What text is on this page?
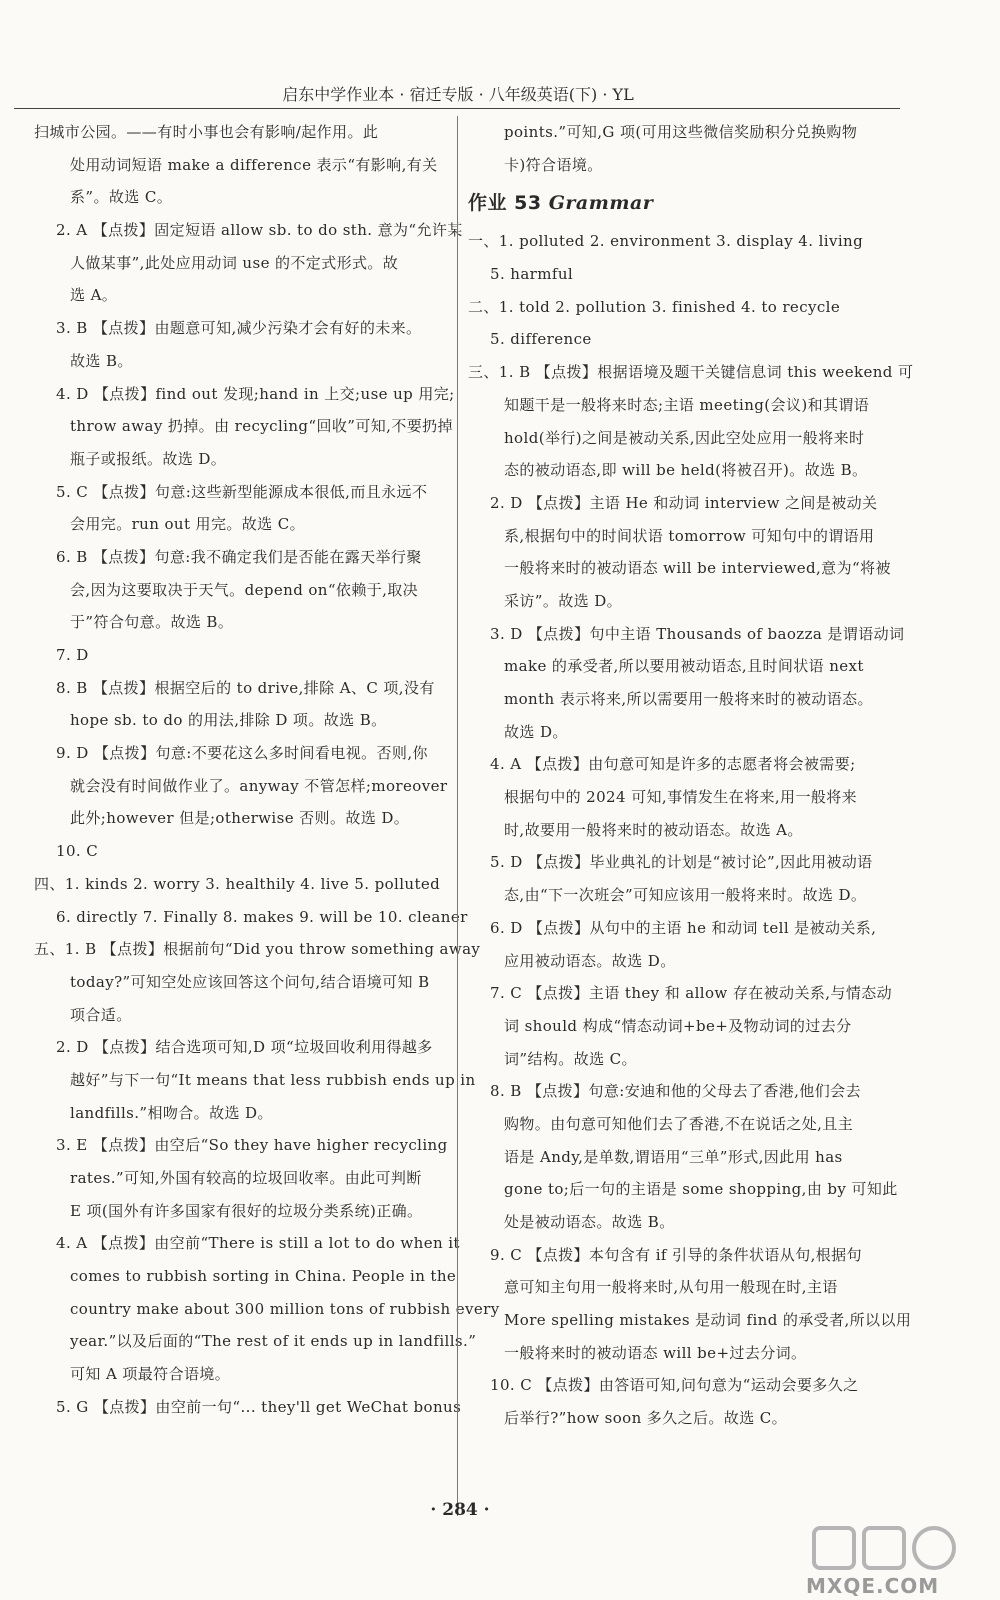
启东中学作业本 · 宿迁专版 · 八年级英语(下) · YL
扫城市公园。——有时小事也会有影响/起作用。此
处用动词短语 make a difference 表示“有影响,有关
系”。故选 C。
2. A 【点拨】固定短语 allow sb. to do sth. 意为“允许某
人做某事”,此处应用动词 use 的不定式形式。故
选 A。
3. B 【点拨】由题意可知,减少污染才会有好的未来。
故选 B。
4. D 【点拨】find out 发现;hand in 上交;use up 用完;
throw away 扔掉。由 recycling“回收”可知,不要扔掉
瓶子或报纸。故选 D。
5. C 【点拨】句意:这些新型能源成本很低,而且永远不
会用完。run out 用完。故选 C。
6. B 【点拨】句意:我不确定我们是否能在露天举行聚
会,因为这要取决于天气。depend on“依赖于,取决
于”符合句意。故选 B。
7. D
8. B 【点拨】根据空后的 to drive,排除 A、C 项,没有
hope sb. to do 的用法,排除 D 项。故选 B。
9. D 【点拨】句意:不要花这么多时间看电视。否则,你
就会没有时间做作业了。anyway 不管怎样;moreover
此外;however 但是;otherwise 否则。故选 D。
10. C
四、1. kinds 2. worry 3. healthily 4. live 5. polluted
6. directly 7. Finally 8. makes 9. will be 10. cleaner
五、1. B 【点拨】根据前句“Did you throw something away
today?”可知空处应该回答这个问句,结合语境可知 B
项合适。
2. D 【点拨】结合选项可知,D 项“垃圾回收利用得越多
越好”与下一句“It means that less rubbish ends up in
landfills.”相吻合。故选 D。
3. E 【点拨】由空后“So they have higher recycling
rates.”可知,外国有较高的垃圾回收率。由此可判断
E 项(国外有许多国家有很好的垃圾分类系统)正确。
4. A 【点拨】由空前“There is still a lot to do when it
comes to rubbish sorting in China. People in the
country make about 300 million tons of rubbish every
year.”以及后面的“The rest of it ends up in landfills.”
可知 A 项最符合语境。
5. G 【点拨】由空前一句“... they'll get WeChat bonus
points.”可知,G 项(可用这些微信奖励积分兑换购物
卡)符合语境。
作业 53 Grammar
一、1. polluted 2. environment 3. display 4. living
5. harmful
二、1. told 2. pollution 3. finished 4. to recycle
5. difference
三、1. B 【点拨】根据语境及题干关键信息词 this weekend 可
知题干是一般将来时态;主语 meeting(会议)和其谓语
hold(举行)之间是被动关系,因此空处应用一般将来时
态的被动语态,即 will be held(将被召开)。故选 B。
2. D 【点拨】主语 He 和动词 interview 之间是被动关
系,根据句中的时间状语 tomorrow 可知句中的谓语用
一般将来时的被动语态 will be interviewed,意为“将被
采访”。故选 D。
3. D 【点拨】句中主语 Thousands of baozza 是谓语动词
make 的承受者,所以要用被动语态,且时间状语 next
month 表示将来,所以需要用一般将来时的被动语态。
故选 D。
4. A 【点拨】由句意可知是许多的志愿者将会被需要;
根据句中的 2024 可知,事情发生在将来,用一般将来
时,故要用一般将来时的被动语态。故选 A。
5. D 【点拨】毕业典礼的计划是“被讨论”,因此用被动语
态,由“下一次班会”可知应该用一般将来时。故选 D。
6. D 【点拨】从句中的主语 he 和动词 tell 是被动关系,
应用被动语态。故选 D。
7. C 【点拨】主语 they 和 allow 存在被动关系,与情态动
词 should 构成“情态动词+be+及物动词的过去分
词”结构。故选 C。
8. B 【点拨】句意:安迪和他的父母去了香港,他们会去
购物。由句意可知他们去了香港,不在说话之处,且主
语是 Andy,是单数,谓语用“三单”形式,因此用 has
gone to;后一句的主语是 some shopping,由 by 可知此
处是被动语态。故选 B。
9. C 【点拨】本句含有 if 引导的条件状语从句,根据句
意可知主句用一般将来时,从句用一般现在时,主语
More spelling mistakes 是动词 find 的承受者,所以以用
一般将来时的被动语态 will be+过去分词。
10. C 【点拨】由答语可知,问句意为“运动会要多久之
后举行?”how soon 多久之后。故选 C。
· 284 ·
MXQE.COM
